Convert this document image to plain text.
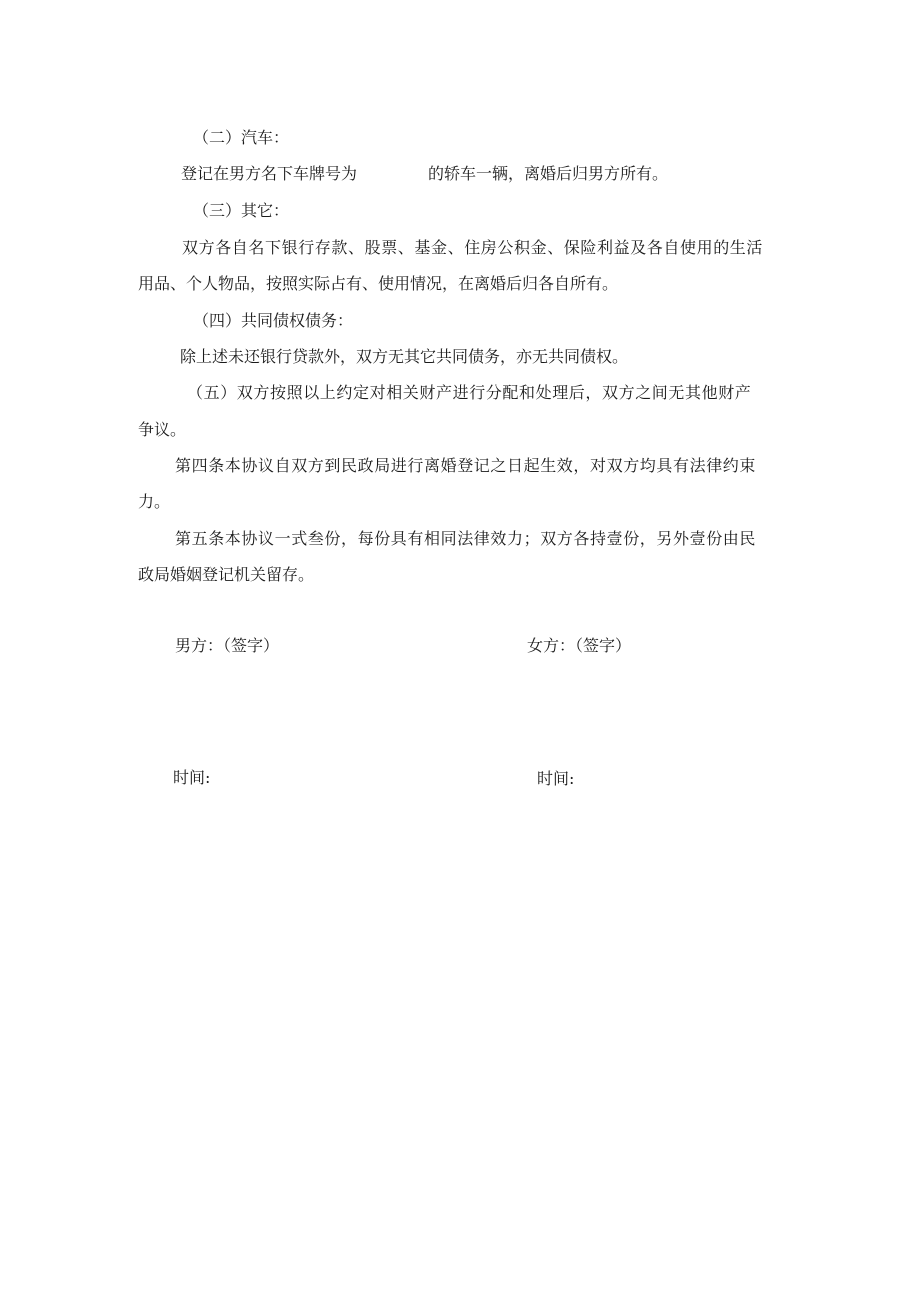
（二）汽车：
登记在男方名下车牌号为	的轿车一辆，离婚后归男方所有。
（三）其它：
双方各自名下银行存款、股票、基金、住房公积金、保险利益及各自使用的生活
用品、个人物品，按照实际占有、使用情况，在离婚后归各自所有。
（四）共同债权债务：
除上述未还银行贷款外，双方无其它共同债务，亦无共同债权。
（五）双方按照以上约定对相关财产进行分配和处理后，双方之间无其他财产
争议。
第四条本协议自双方到民政局进行离婚登记之日起生效，对双方均具有法律约束
力。
第五条本协议一式叁份，每份具有相同法律效力；双方各持壹份，另外壹份由民
政局婚姻登记机关留存。
男方：（签字）	女方：（签字）
时间:	时间:
